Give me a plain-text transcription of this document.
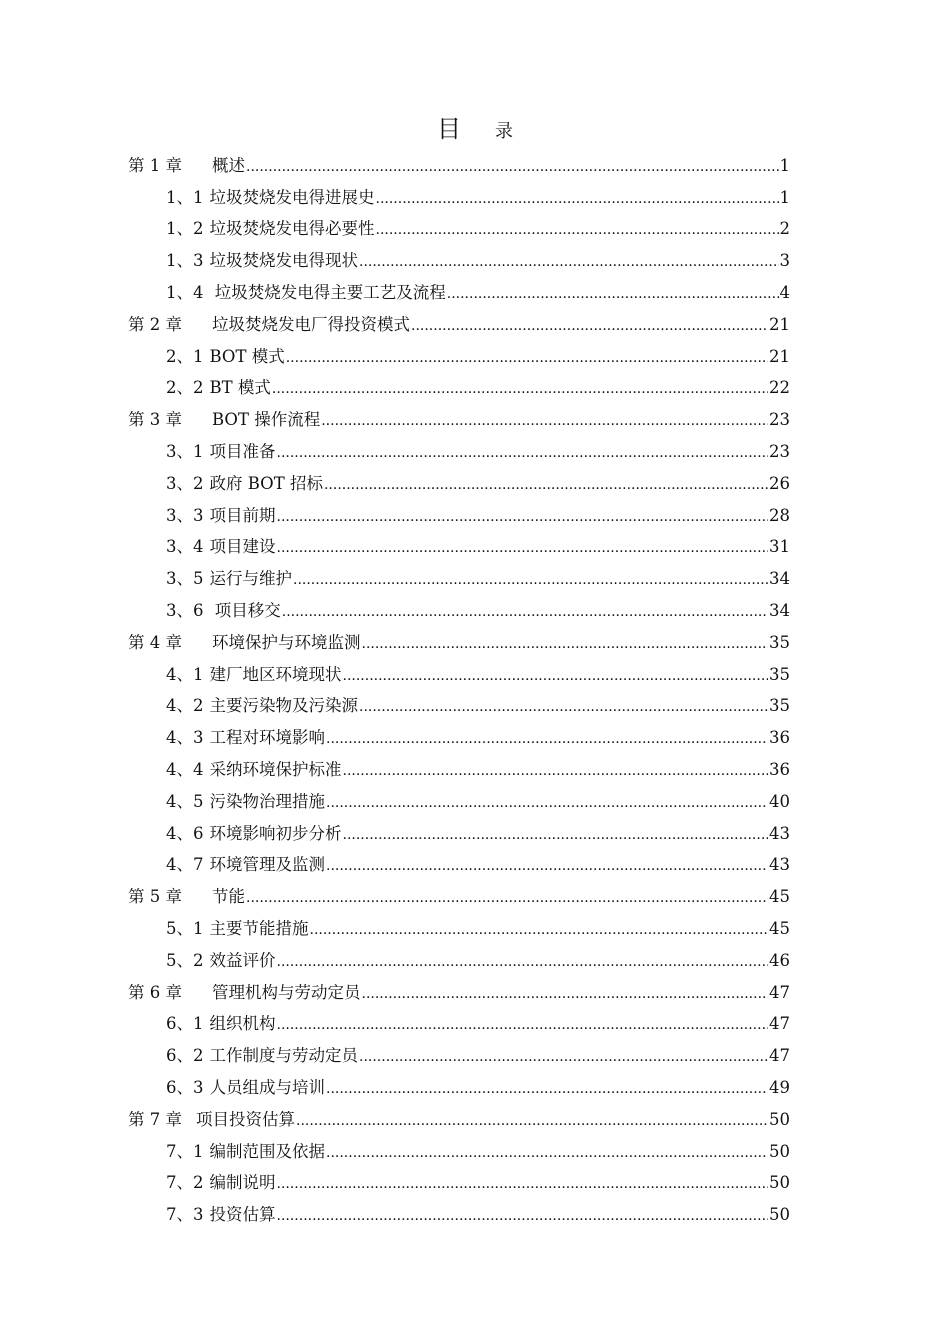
目 录
第 1 章	概述 .....	1
1、1 垃圾焚烧发电得进展史 .....	1
1、2 垃圾焚烧发电得必要性 .....	2
1、3 垃圾焚烧发电得现状 .....	3
1、4 垃圾焚烧发电得主要工艺及流程 .....	4
第 2 章	垃圾焚烧发电厂得投资模式 .....	21
2、1 BOT 模式 .....	21
2、2 BT 模式 .....	22
第 3 章	BOT 操作流程 .....	23
3、1 项目准备 .....	23
3、2 政府 BOT 招标 .....	26
3、3 项目前期 .....	28
3、4 项目建设 .....	31
3、5 运行与维护 .....	34
3、6 项目移交 .....	34
第 4 章	环境保护与环境监测 .....	35
4、1 建厂地区环境现状 .....	35
4、2 主要污染物及污染源 .....	35
4、3 工程对环境影响 .....	36
4、4 采纳环境保护标准 .....	36
4、5 污染物治理措施 .....	40
4、6 环境影响初步分析 .....	43
4、7 环境管理及监测 .....	43
第 5 章	节能 .....	45
5、1 主要节能措施 .....	45
5、2 效益评价 .....	46
第 6 章	管理机构与劳动定员 .....	47
6、1 组织机构 .....	47
6、2 工作制度与劳动定员 .....	47
6、3 人员组成与培训 .....	49
第 7 章 项目投资估算 .....	50
7、1 编制范围及依据 .....	50
7、2 编制说明 .....	50
7、3 投资估算 .....	50
